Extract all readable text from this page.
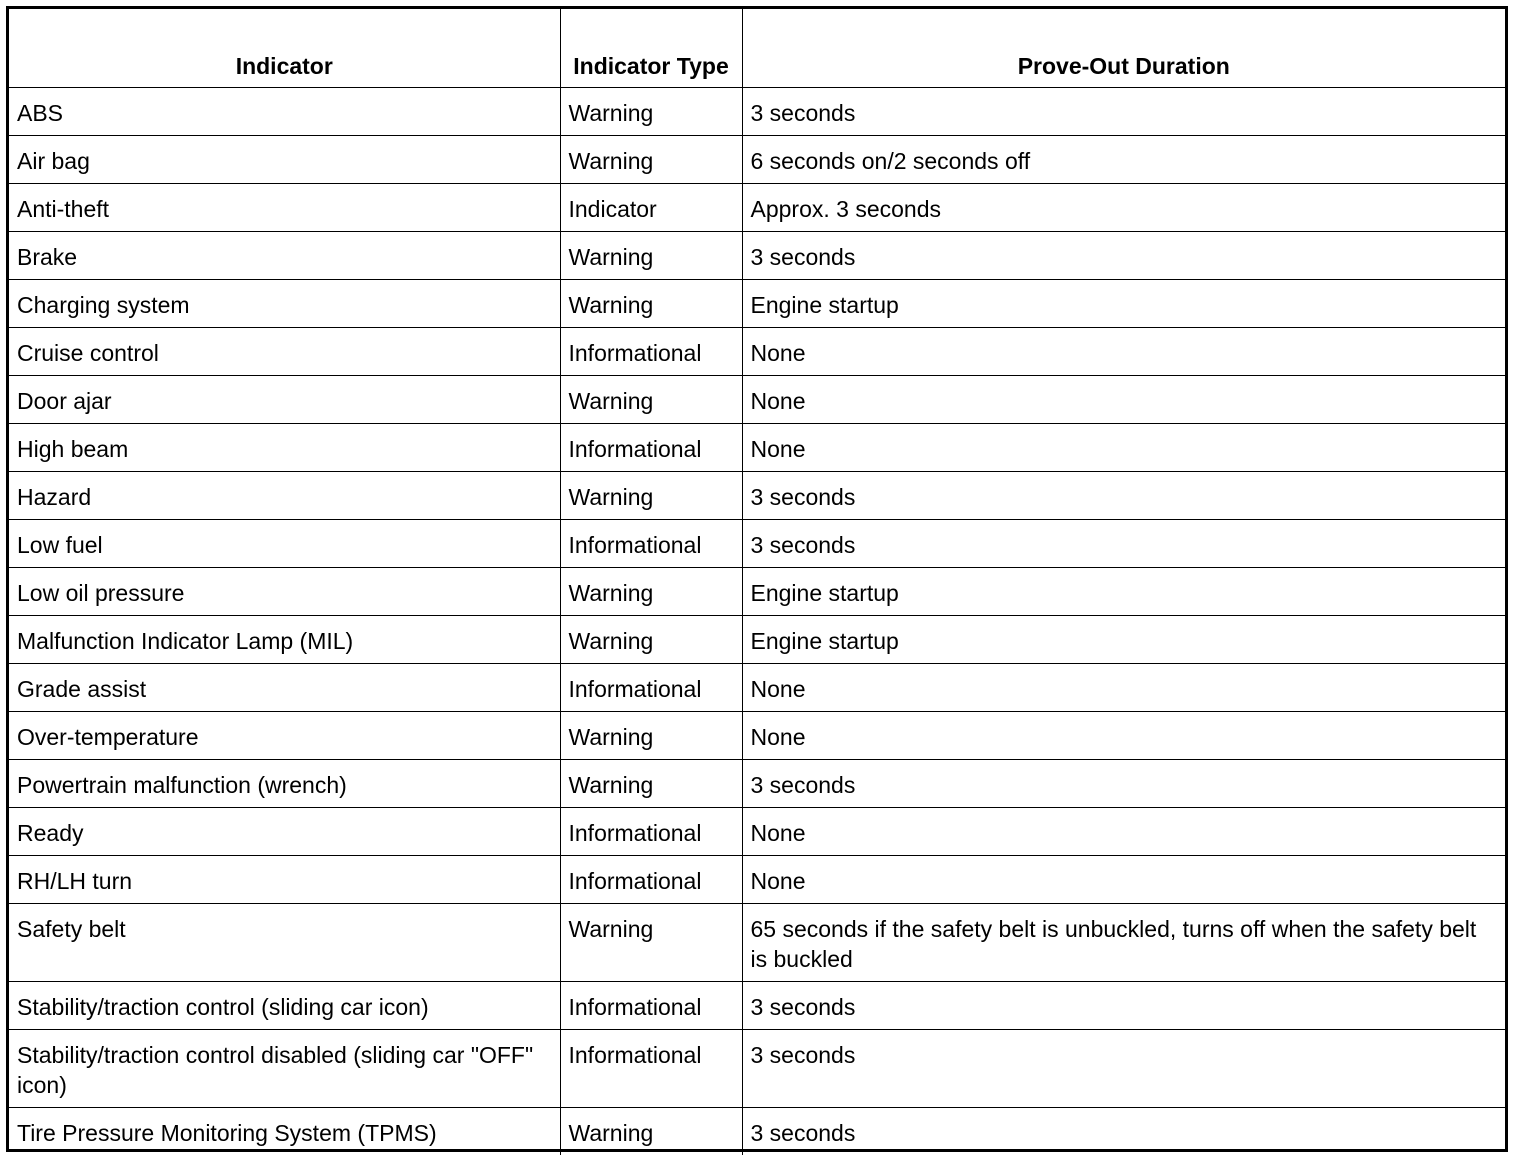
Indicator	Indicator Type	Prove-Out Duration
ABS	Warning	3 seconds
Air bag	Warning	6 seconds on/2 seconds off
Anti-theft	Indicator	Approx. 3 seconds
Brake	Warning	3 seconds
Charging system	Warning	Engine startup
Cruise control	Informational	None
Door ajar	Warning	None
High beam	Informational	None
Hazard	Warning	3 seconds
Low fuel	Informational	3 seconds
Low oil pressure	Warning	Engine startup
Malfunction Indicator Lamp (MIL)	Warning	Engine startup
Grade assist	Informational	None
Over-temperature	Warning	None
Powertrain malfunction (wrench)	Warning	3 seconds
Ready	Informational	None
RH/LH turn	Informational	None
Safety belt	Warning	65 seconds if the safety belt is unbuckled, turns off when the safety belt is buckled
Stability/traction control (sliding car icon)	Informational	3 seconds
Stability/traction control disabled (sliding car "OFF" icon)	Informational	3 seconds
Tire Pressure Monitoring System (TPMS)	Warning	3 seconds
